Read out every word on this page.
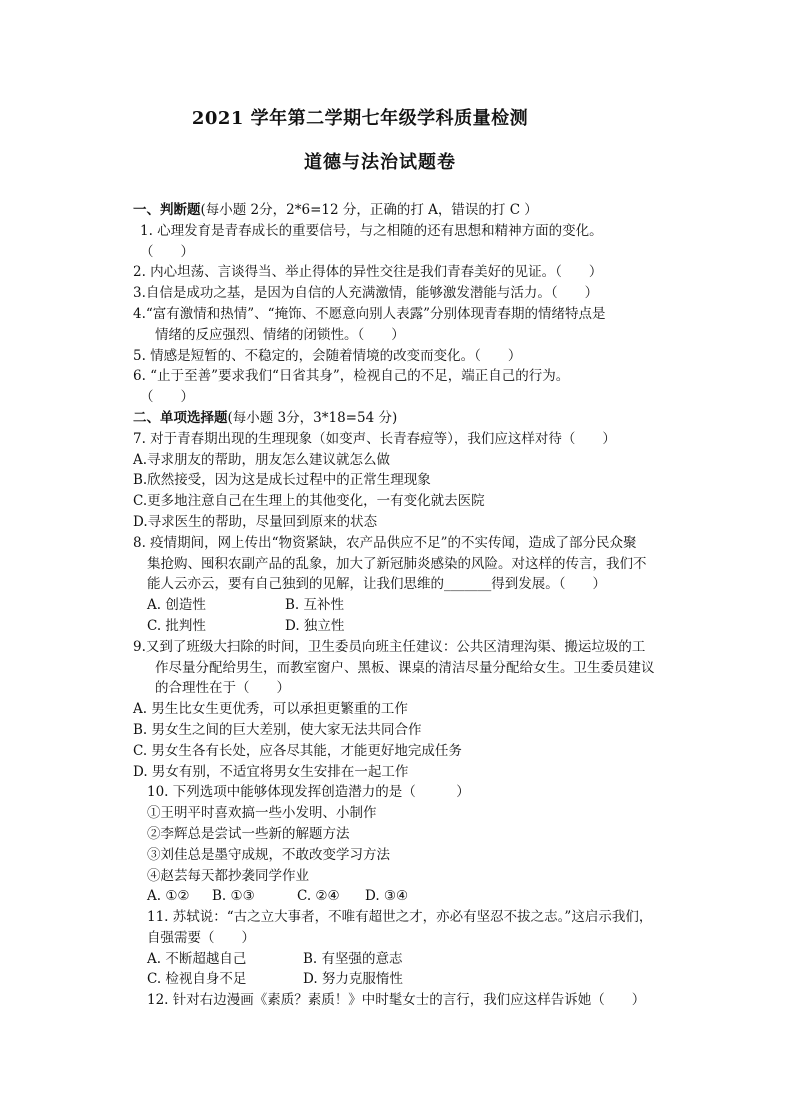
2021 学年第二学期七年级学科质量检测
道德与法治试题卷
一、判断题(每小题 2分，2*6=12 分，正确的打 A，错误的打 C ）
1. 心理发育是青春成长的重要信号，与之相随的还有思想和精神方面的变化。
（　　）
2. 内心坦荡、言谈得当、举止得体的异性交往是我们青春美好的见证。（　　）
3.自信是成功之基，是因为自信的人充满激情，能够激发潜能与活力。（　　）
4.“富有激情和热情”、“掩饰、不愿意向别人表露”分别体现青春期的情绪特点是
情绪的反应强烈、情绪的闭锁性。（　　）
5. 情感是短暂的、不稳定的，会随着情境的改变而变化。（　　）
6. “止于至善”要求我们“日省其身”，检视自己的不足，端正自己的行为。
（　　）
二、单项选择题(每小题 3分，3*18=54 分)
7. 对于青春期出现的生理现象（如变声、长青春痘等），我们应这样对待（　　）
A.寻求朋友的帮助，朋友怎么建议就怎么做
B.欣然接受，因为这是成长过程中的正常生理现象
C.更多地注意自己在生理上的其他变化，一有变化就去医院
D.寻求医生的帮助，尽量回到原来的状态
8. 疫情期间，网上传出“物资紧缺，农产品供应不足”的不实传闻，造成了部分民众聚
集抢购、囤积农副产品的乱象，加大了新冠肺炎感染的风险。对这样的传言，我们不
能人云亦云，要有自己独到的见解，让我们思维的_______得到发展。（　　）
A. 创造性	B. 互补性
C. 批判性	D. 独立性
9.又到了班级大扫除的时间，卫生委员向班主任建议：公共区清理沟渠、搬运垃圾的工
作尽量分配给男生，而教室窗户、黑板、课桌的清洁尽量分配给女生。卫生委员建议
的合理性在于（　　）
A. 男生比女生更优秀，可以承担更繁重的工作
B. 男女生之间的巨大差别，使大家无法共同合作
C. 男女生各有长处，应各尽其能，才能更好地完成任务
D. 男女有别，不适宜将男女生安排在一起工作
10. 下列选项中能够体现发挥创造潜力的是（　　　）
①王明平时喜欢搞一些小发明、小制作
②李辉总是尝试一些新的解题方法
③刘佳总是墨守成规，不敢改变学习方法
④赵芸每天都抄袭同学作业
A. ①②	B. ①③	C. ②④	D. ③④
11. 苏轼说：“古之立大事者，不唯有超世之才，亦必有坚忍不拔之志。”这启示我们，
自强需要（　　）
A. 不断超越自己	B. 有坚强的意志
C. 检视自身不足	D. 努力克服惰性
12. 针对右边漫画《素质？素质！》中时髦女士的言行，我们应这样告诉她（　　）
